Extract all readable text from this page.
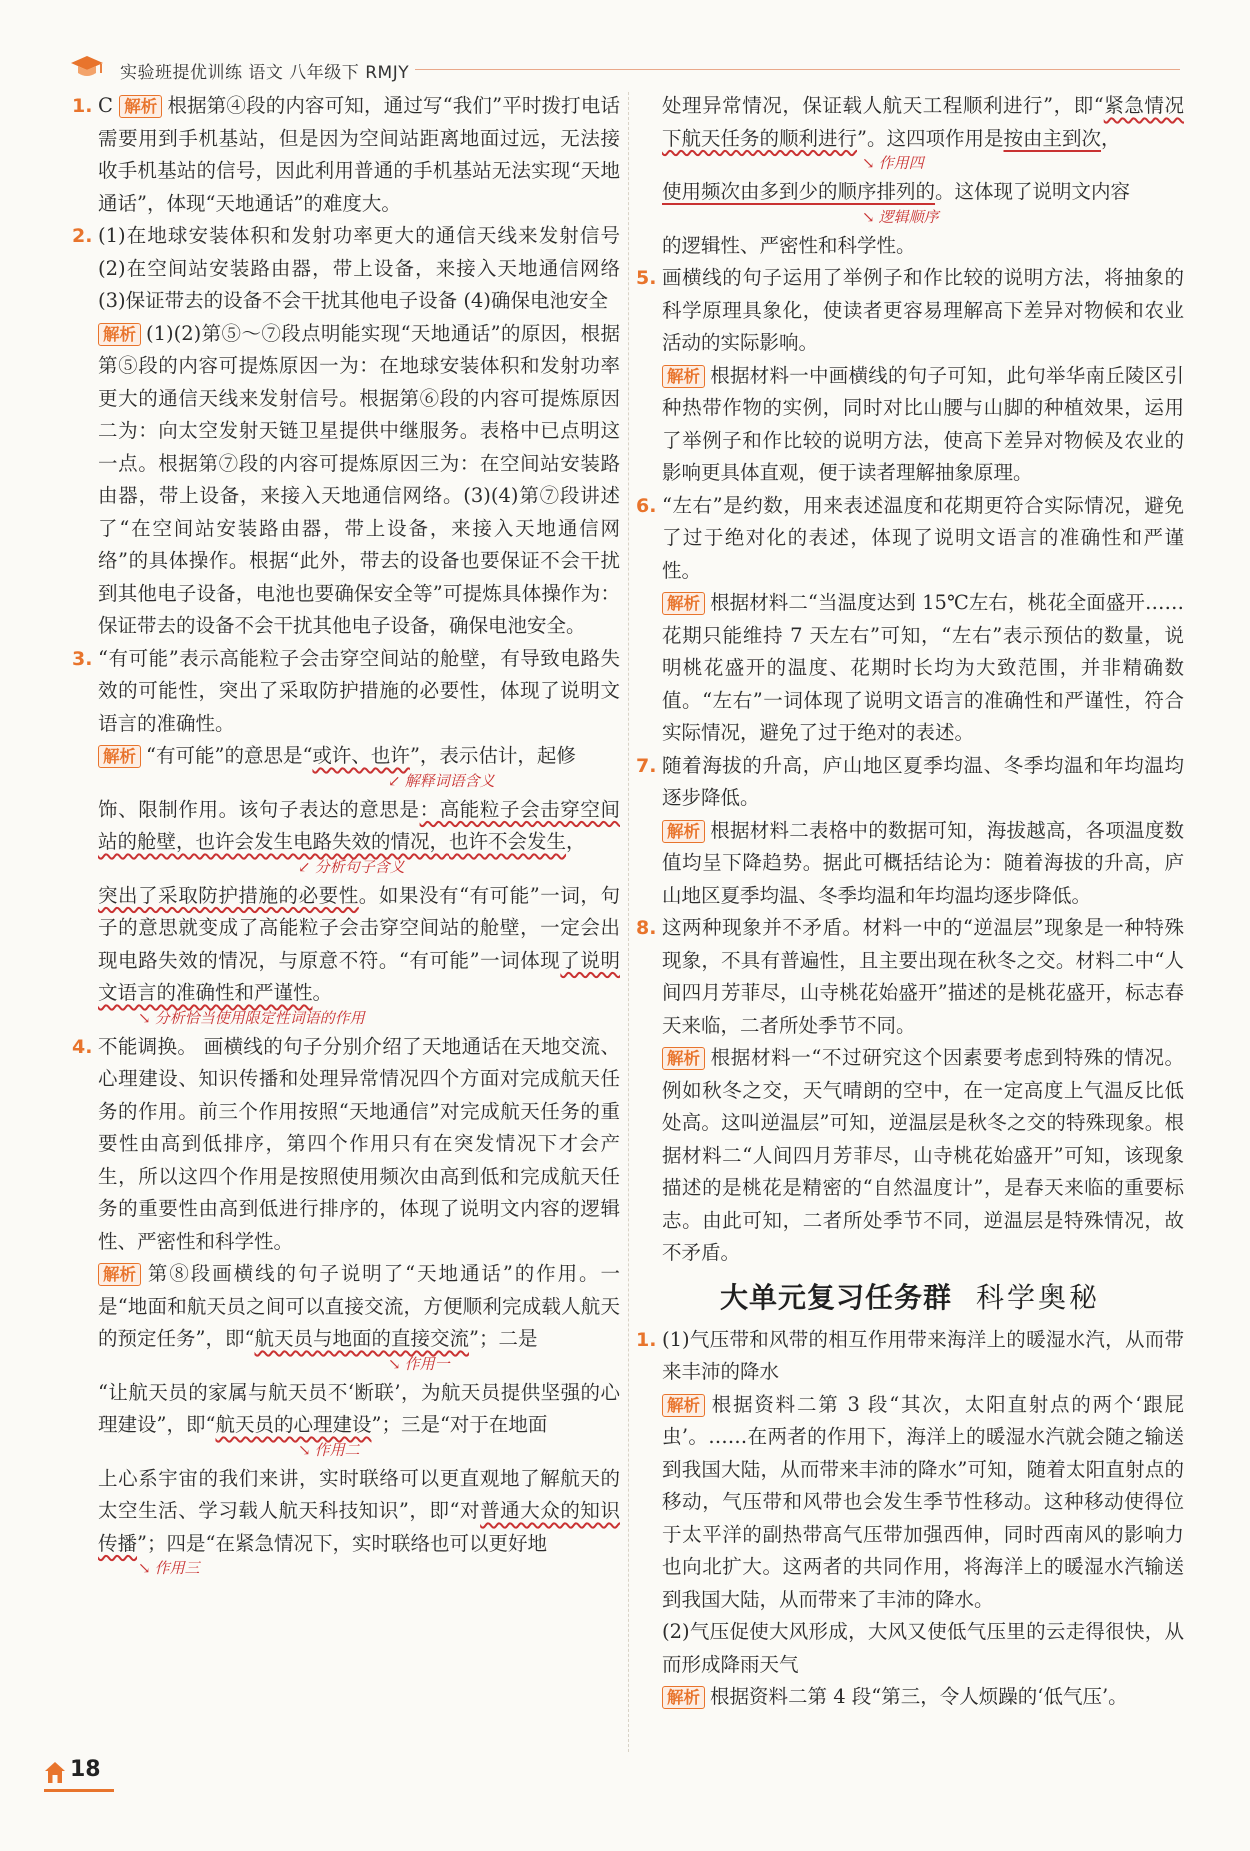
实验班提优训练 语文 八年级下 RMJY
1. C 解析 根据第④段的内容可知，通过写“我们”平时拨打电话需要用到手机基站，但是因为空间站距离地面过远，无法接收手机基站的信号，因此利用普通的手机基站无法实现“天地通话”，体现“天地通话”的难度大。
2. (1)在地球安装体积和发射功率更大的通信天线来发射信号 (2)在空间站安装路由器，带上设备，来接入天地通信网络 (3)保证带去的设备不会干扰其他电子设备 (4)确保电池安全
解析 (1)(2)第⑤～⑦段点明能实现“天地通话”的原因，根据第⑤段的内容可提炼原因一为：在地球安装体积和发射功率更大的通信天线来发射信号。根据第⑥段的内容可提炼原因二为：向太空发射天链卫星提供中继服务。表格中已点明这一点。根据第⑦段的内容可提炼原因三为：在空间站安装路由器，带上设备，来接入天地通信网络。(3)(4)第⑦段讲述了“在空间站安装路由器，带上设备，来接入天地通信网络”的具体操作。根据“此外，带去的设备也要保证不会干扰到其他电子设备，电池也要确保安全等”可提炼具体操作为：保证带去的设备不会干扰其他电子设备，确保电池安全。
3. “有可能”表示高能粒子会击穿空间站的舱壁，有导致电路失效的可能性，突出了采取防护措施的必要性，体现了说明文语言的准确性。
解析 “有可能”的意思是“或许、也许”，表示估计，起修
↙ 解释词语含义
饰、限制作用。该句子表达的意思是：高能粒子会击穿空间站的舱壁，也许会发生电路失效的情况，也许不会发生，
↙ 分析句子含义
突出了采取防护措施的必要性。如果没有“有可能”一词，句子的意思就变成了高能粒子会击穿空间站的舱壁，一定会出现电路失效的情况，与原意不符。“有可能”一词体现了说明文语言的准确性和严谨性。
↘ 分析恰当使用限定性词语的作用
4. 不能调换。 画横线的句子分别介绍了天地通话在天地交流、心理建设、知识传播和处理异常情况四个方面对完成航天任务的作用。前三个作用按照“天地通信”对完成航天任务的重要性由高到低排序，第四个作用只有在突发情况下才会产生，所以这四个作用是按照使用频次由高到低和完成航天任务的重要性由高到低进行排序的，体现了说明文内容的逻辑性、严密性和科学性。
解析 第⑧段画横线的句子说明了“天地通话”的作用。一是“地面和航天员之间可以直接交流，方便顺利完成载人航天的预定任务”，即“航天员与地面的直接交流”；二是
↘ 作用一
“让航天员的家属与航天员不‘断联’，为航天员提供坚强的心理建设”，即“航天员的心理建设”；三是“对于在地面
↘ 作用二
上心系宇宙的我们来讲，实时联络可以更直观地了解航天的太空生活、学习载人航天科技知识”，即“对普通大众的知识传播”；四是“在紧急情况下，实时联络也可以更好地
↘ 作用三
处理异常情况，保证载人航天工程顺利进行”，即“紧急情况下航天任务的顺利进行”。这四项作用是按由主到次，
↘ 作用四
使用频次由多到少的顺序排列的。这体现了说明文内容
↘ 逻辑顺序
的逻辑性、严密性和科学性。
5. 画横线的句子运用了举例子和作比较的说明方法，将抽象的科学原理具象化，使读者更容易理解高下差异对物候和农业活动的实际影响。
解析 根据材料一中画横线的句子可知，此句举华南丘陵区引种热带作物的实例，同时对比山腰与山脚的种植效果，运用了举例子和作比较的说明方法，使高下差异对物候及农业的影响更具体直观，便于读者理解抽象原理。
6. “左右”是约数，用来表述温度和花期更符合实际情况，避免了过于绝对化的表述，体现了说明文语言的准确性和严谨性。
解析 根据材料二“当温度达到 15℃左右，桃花全面盛开……花期只能维持 7 天左右”可知，“左右”表示预估的数量，说明桃花盛开的温度、花期时长均为大致范围，并非精确数值。“左右”一词体现了说明文语言的准确性和严谨性，符合实际情况，避免了过于绝对的表述。
7. 随着海拔的升高，庐山地区夏季均温、冬季均温和年均温均逐步降低。
解析 根据材料二表格中的数据可知，海拔越高，各项温度数值均呈下降趋势。据此可概括结论为：随着海拔的升高，庐山地区夏季均温、冬季均温和年均温均逐步降低。
8. 这两种现象并不矛盾。材料一中的“逆温层”现象是一种特殊现象，不具有普遍性，且主要出现在秋冬之交。材料二中“人间四月芳菲尽，山寺桃花始盛开”描述的是桃花盛开，标志春天来临，二者所处季节不同。
解析 根据材料一“不过研究这个因素要考虑到特殊的情况。例如秋冬之交，天气晴朗的空中，在一定高度上气温反比低处高。这叫逆温层”可知，逆温层是秋冬之交的特殊现象。根据材料二“人间四月芳菲尽，山寺桃花始盛开”可知，该现象描述的是桃花是精密的“自然温度计”，是春天来临的重要标志。由此可知，二者所处季节不同，逆温层是特殊情况，故不矛盾。
大单元复习任务群 科学奥秘
1. (1)气压带和风带的相互作用带来海洋上的暖湿水汽，从而带来丰沛的降水
解析 根据资料二第 3 段“其次，太阳直射点的两个‘跟屁虫’。……在两者的作用下，海洋上的暖湿水汽就会随之输送到我国大陆，从而带来丰沛的降水”可知，随着太阳直射点的移动，气压带和风带也会发生季节性移动。这种移动使得位于太平洋的副热带高气压带加强西伸，同时西南风的影响力也向北扩大。这两者的共同作用，将海洋上的暖湿水汽输送到我国大陆，从而带来了丰沛的降水。
(2)气压促使大风形成，大风又使低气压里的云走得很快，从而形成降雨天气
解析 根据资料二第 4 段“第三，令人烦躁的‘低气压’。
18
